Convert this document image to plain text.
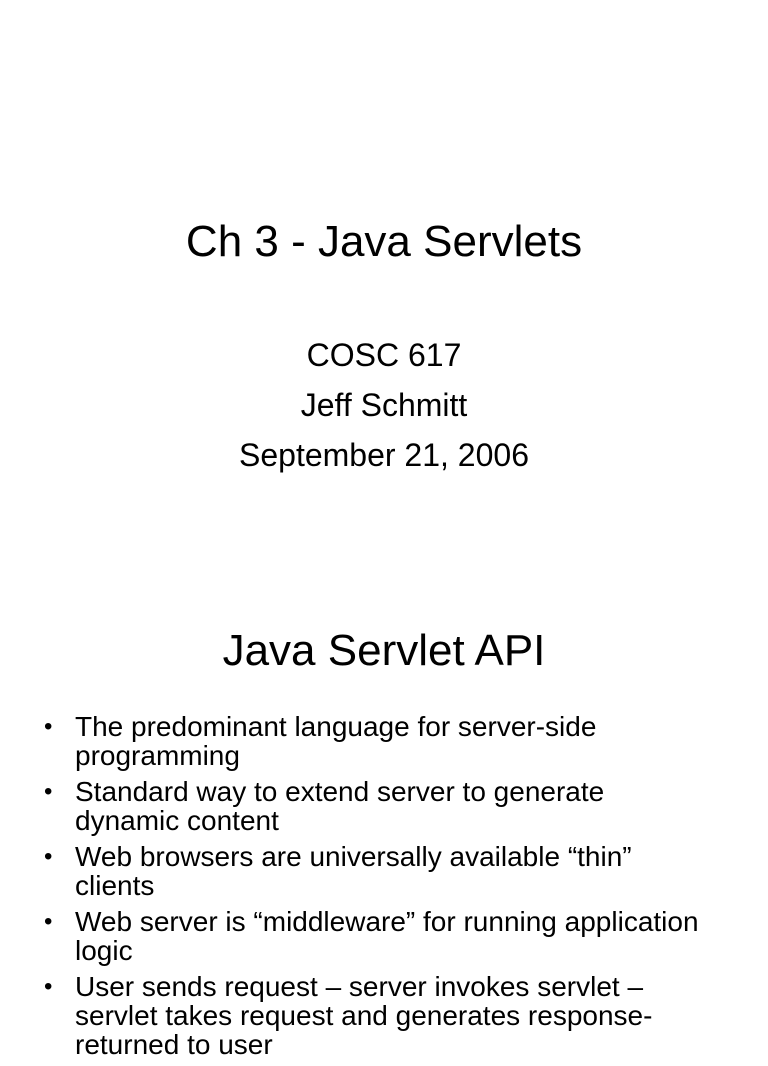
Ch 3 - Java Servlets
COSC 617
Jeff Schmitt
September 21, 2006
Java Servlet API
• The predominant language for server-side programming
• Standard way to extend server to generate dynamic content
• Web browsers are universally available “thin” clients
• Web server is “middleware” for running application logic
• User sends request – server invokes servlet – servlet takes request and generates response- returned to user
